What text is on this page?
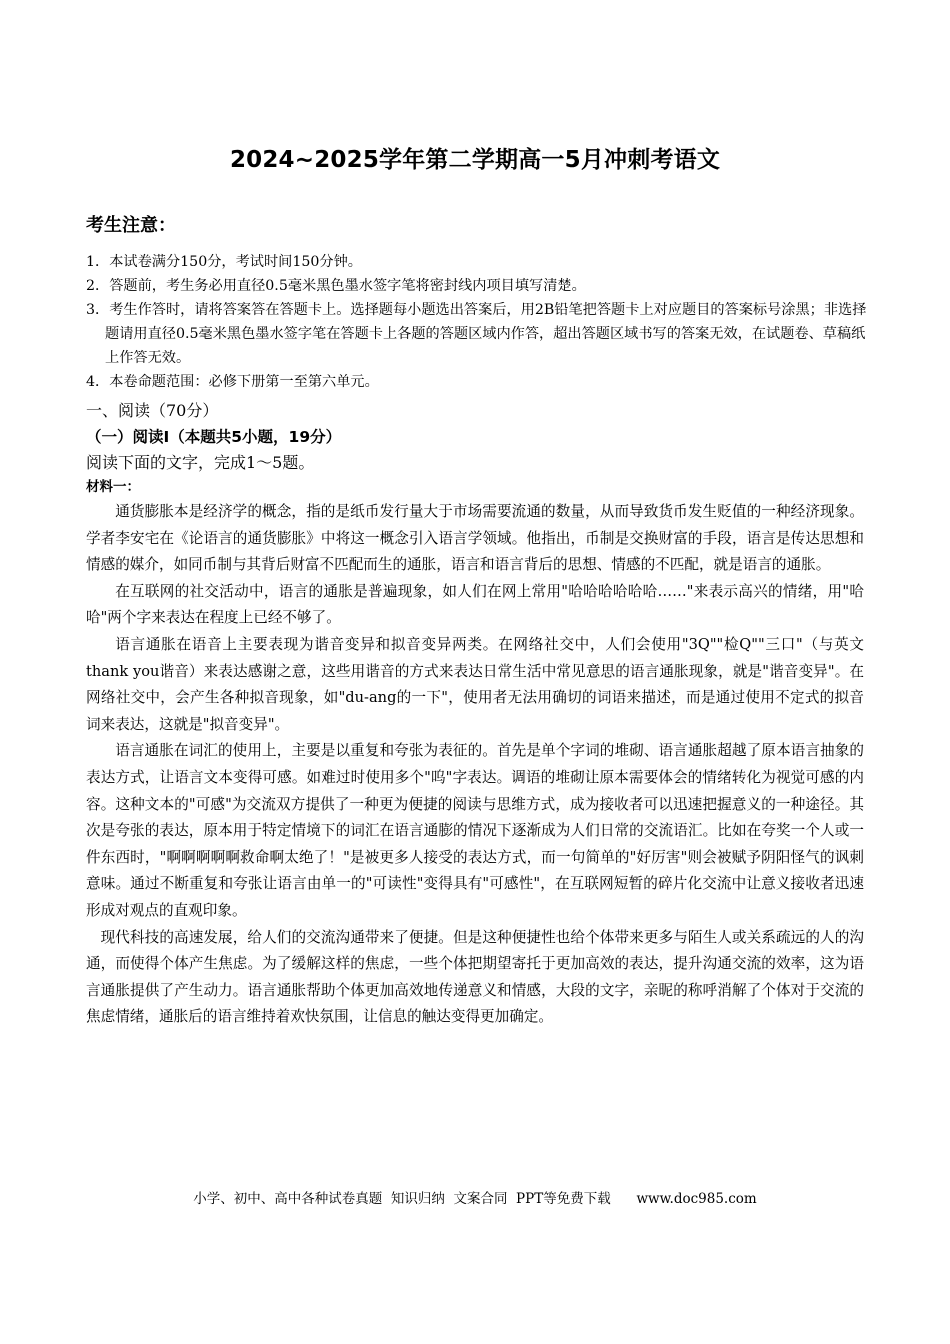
2024~2025学年第二学期高一5月冲刺考语文
考生注意：
1．本试卷满分150分，考试时间150分钟。
2．答题前，考生务必用直径0.5毫米黑色墨水签字笔将密封线内项目填写清楚。
3．考生作答时，请将答案答在答题卡上。选择题每小题选出答案后，用2B铅笔把答题卡上对应题目的答案标号涂黑；非选择题请用直径0.5毫米黑色墨水签字笔在答题卡上各题的答题区域内作答，超出答题区域书写的答案无效，在试题卷、草稿纸上作答无效。
4．本卷命题范围：必修下册第一至第六单元。
一、阅读（70分）
（一）阅读Ⅰ（本题共5小题，19分）
阅读下面的文字，完成1～5题。
材料一：

通货膨胀本是经济学的概念，指的是纸币发行量大于市场需要流通的数量，从而导致货币发生贬值的一种经济现象。学者李安宅在《论语言的通货膨胀》中将这一概念引入语言学领域。他指出，币制是交换财富的手段，语言是传达思想和情感的媒介，如同币制与其背后财富不匹配而生的通胀，语言和语言背后的思想、情感的不匹配，就是语言的通胀。

在互联网的社交活动中，语言的通胀是普遍现象，如人们在网上常用"哈哈哈哈哈哈……"来表示高兴的情绪，用"哈哈"两个字来表达在程度上已经不够了。

语言通胀在语音上主要表现为谐音变异和拟音变异两类。在网络社交中，人们会使用"3Q""检Q""三口"（与英文thank you谐音）来表达感谢之意，这些用谐音的方式来表达日常生活中常见意思的语言通胀现象，就是"谐音变异"。在网络社交中，会产生各种拟音现象，如"du-ang的一下"，使用者无法用确切的词语来描述，而是通过使用不定式的拟音词来表达，这就是"拟音变异"。

语言通胀在词汇的使用上，主要是以重复和夸张为表征的。首先是单个字词的堆砌、语言通胀超越了原本语言抽象的表达方式，让语言文本变得可感。如难过时使用多个"呜"字表达。调语的堆砌让原本需要体会的情绪转化为视觉可感的内容。这种文本的"可感"为交流双方提供了一种更为便捷的阅读与思维方式，成为接收者可以迅速把握意义的一种途径。其次是夸张的表达，原本用于特定情境下的词汇在语言通膨的情况下逐渐成为人们日常的交流语汇。比如在夸奖一个人或一件东西时，"啊啊啊啊啊救命啊太绝了！"是被更多人接受的表达方式，而一句简单的"好厉害"则会被赋予阴阳怪气的讽刺意味。通过不断重复和夸张让语言由单一的"可读性"变得具有"可感性"，在互联网短暂的碎片化交流中让意义接收者迅速形成对观点的直观印象。

现代科技的高速发展，给人们的交流沟通带来了便捷。但是这种便捷性也给个体带来更多与陌生人或关系疏远的人的沟通，而使得个体产生焦虑。为了缓解这样的焦虑，一些个体把期望寄托于更加高效的表达，提升沟通交流的效率，这为语言通胀提供了产生动力。语言通胀帮助个体更加高效地传递意义和情感，大段的文字，亲昵的称呼消解了个体对于交流的焦虑情绪，通胀后的语言维持着欢快氛围，让信息的触达变得更加确定。

小学、初中、高中各种试卷真题  知识归纳  文案合同  PPT等免费下载      www.doc985.com
